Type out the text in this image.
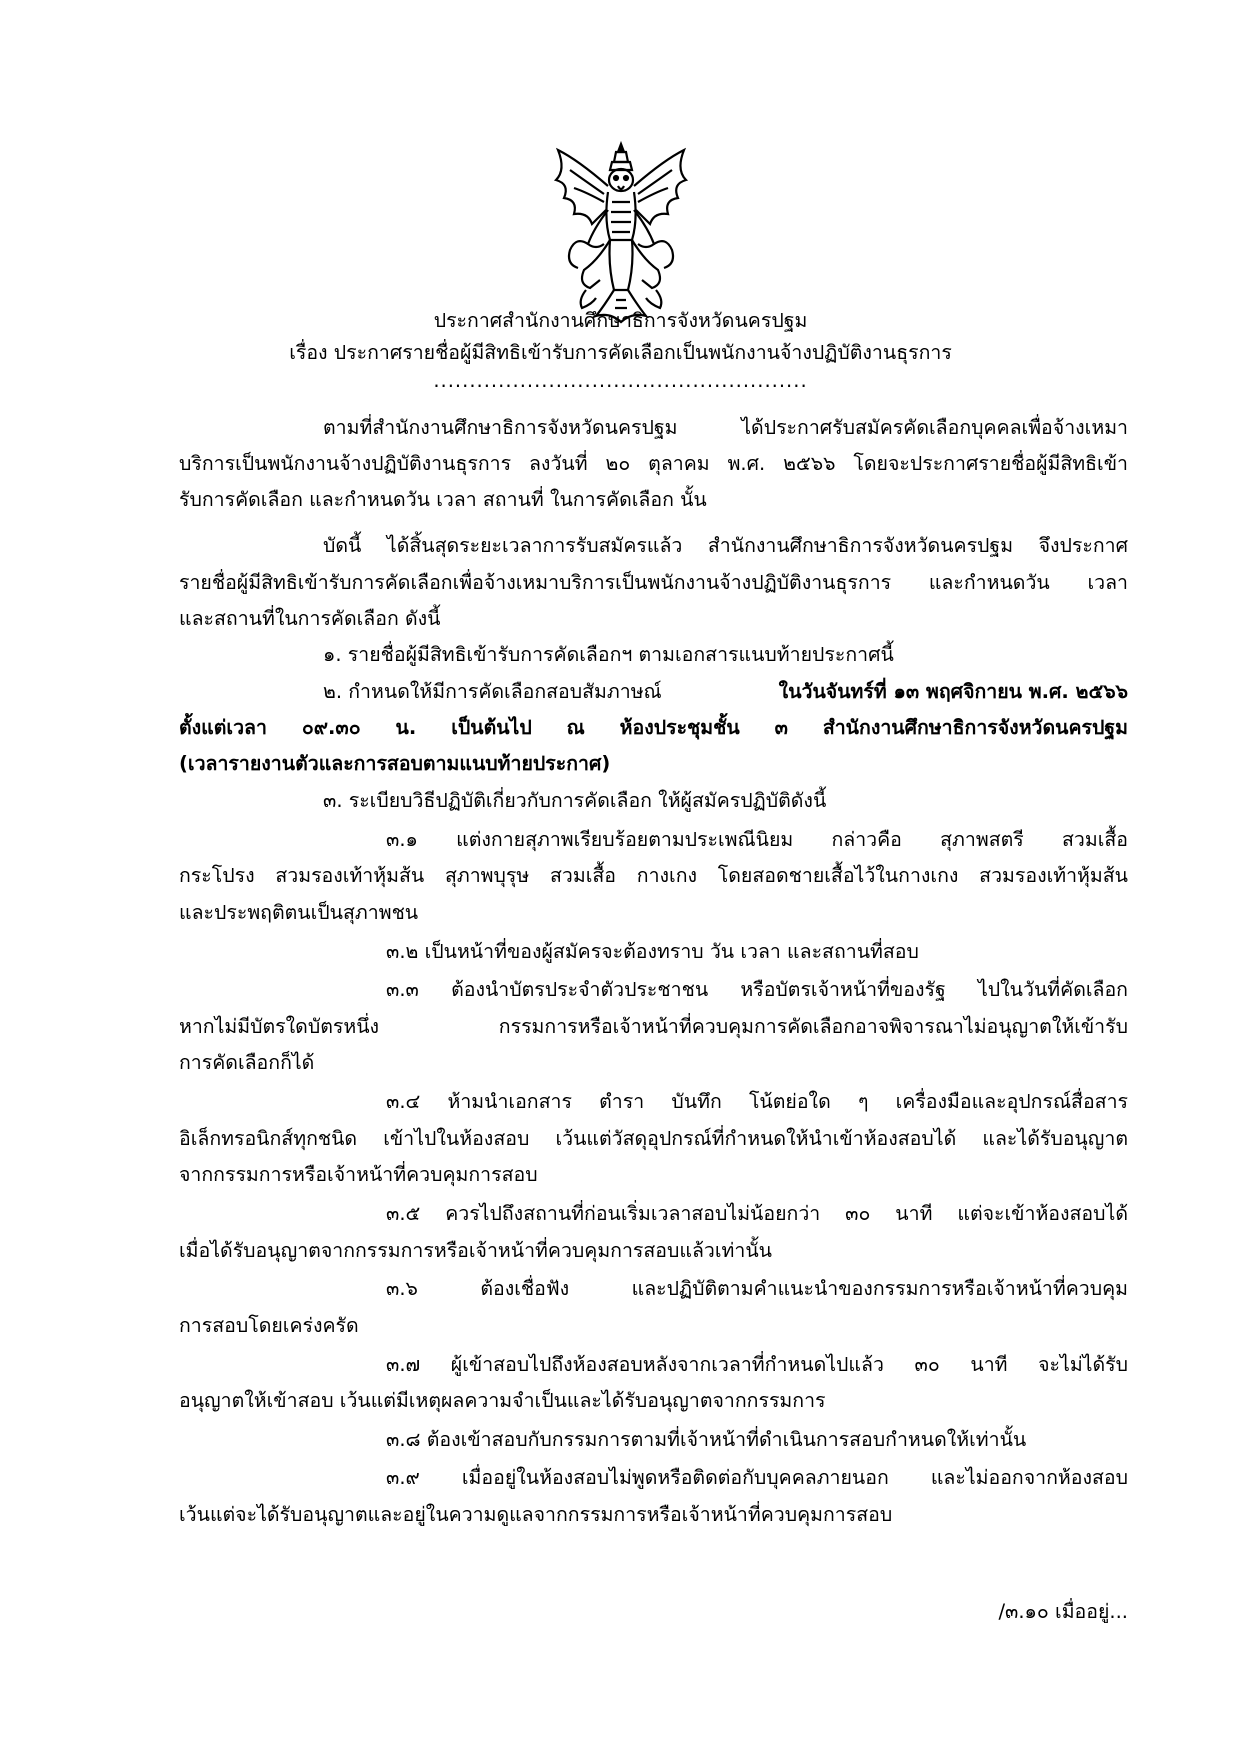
ประกาศสำนักงานศึกษาธิการจังหวัดนครปฐม
เรื่อง ประกาศรายชื่อผู้มีสิทธิเข้ารับการคัดเลือกเป็นพนักงานจ้างปฏิบัติงานธุรการ
....................................................
ตามที่สำนักงานศึกษาธิการจังหวัดนครปฐม ได้ประกาศรับสมัครคัดเลือกบุคคลเพื่อจ้างเหมา
บริการเป็นพนักงานจ้างปฏิบัติงานธุรการ ลงวันที่ ๒๐ ตุลาคม พ.ศ. ๒๕๖๖ โดยจะประกาศรายชื่อผู้มีสิทธิเข้า
รับการคัดเลือก และกำหนดวัน เวลา สถานที่ ในการคัดเลือก นั้น
บัดนี้ ได้สิ้นสุดระยะเวลาการรับสมัครแล้ว สำนักงานศึกษาธิการจังหวัดนครปฐม จึงประกาศ
รายชื่อผู้มีสิทธิเข้ารับการคัดเลือกเพื่อจ้างเหมาบริการเป็นพนักงานจ้างปฏิบัติงานธุรการ และกำหนดวัน เวลา
และสถานที่ในการคัดเลือก ดังนี้
๑. รายชื่อผู้มีสิทธิเข้ารับการคัดเลือกฯ ตามเอกสารแนบท้ายประกาศนี้
๒. กำหนดให้มีการคัดเลือกสอบสัมภาษณ์	ในวันจันทร์ที่ ๑๓ พฤศจิกายน พ.ศ. ๒๕๖๖
ตั้งแต่เวลา ๐๙.๓๐ น. เป็นต้นไป ณ ห้องประชุมชั้น ๓ สำนักงานศึกษาธิการจังหวัดนครปฐม
(เวลารายงานตัวและการสอบตามแนบท้ายประกาศ)
๓. ระเบียบวิธีปฏิบัติเกี่ยวกับการคัดเลือก ให้ผู้สมัครปฏิบัติดังนี้
๓.๑ แต่งกายสุภาพเรียบร้อยตามประเพณีนิยม กล่าวคือ สุภาพสตรี สวมเสื้อ
กระโปรง สวมรองเท้าหุ้มส้น สุภาพบุรุษ สวมเสื้อ กางเกง โดยสอดชายเสื้อไว้ในกางเกง สวมรองเท้าหุ้มส้น
และประพฤติตนเป็นสุภาพชน
๓.๒ เป็นหน้าที่ของผู้สมัครจะต้องทราบ วัน เวลา และสถานที่สอบ
๓.๓ ต้องนำบัตรประจำตัวประชาชน หรือบัตรเจ้าหน้าที่ของรัฐ ไปในวันที่คัดเลือก
หากไม่มีบัตรใดบัตรหนึ่ง กรรมการหรือเจ้าหน้าที่ควบคุมการคัดเลือกอาจพิจารณาไม่อนุญาตให้เข้ารับ
การคัดเลือกก็ได้
๓.๔ ห้ามนำเอกสาร ตำรา บันทึก โน้ตย่อใด ๆ เครื่องมือและอุปกรณ์สื่อสาร
อิเล็กทรอนิกส์ทุกชนิด เข้าไปในห้องสอบ เว้นแต่วัสดุอุปกรณ์ที่กำหนดให้นำเข้าห้องสอบได้ และได้รับอนุญาต
จากกรรมการหรือเจ้าหน้าที่ควบคุมการสอบ
๓.๕ ควรไปถึงสถานที่ก่อนเริ่มเวลาสอบไม่น้อยกว่า ๓๐ นาที แต่จะเข้าห้องสอบได้
เมื่อได้รับอนุญาตจากกรรมการหรือเจ้าหน้าที่ควบคุมการสอบแล้วเท่านั้น
๓.๖ ต้องเชื่อฟัง และปฏิบัติตามคำแนะนำของกรรมการหรือเจ้าหน้าที่ควบคุม
การสอบโดยเคร่งครัด
๓.๗ ผู้เข้าสอบไปถึงห้องสอบหลังจากเวลาที่กำหนดไปแล้ว ๓๐ นาที จะไม่ได้รับ
อนุญาตให้เข้าสอบ เว้นแต่มีเหตุผลความจำเป็นและได้รับอนุญาตจากกรรมการ
๓.๘ ต้องเข้าสอบกับกรรมการตามที่เจ้าหน้าที่ดำเนินการสอบกำหนดให้เท่านั้น
๓.๙ เมื่ออยู่ในห้องสอบไม่พูดหรือติดต่อกับบุคคลภายนอก และไม่ออกจากห้องสอบ
เว้นแต่จะได้รับอนุญาตและอยู่ในความดูแลจากกรรมการหรือเจ้าหน้าที่ควบคุมการสอบ
/๓.๑๐ เมื่ออยู่...
